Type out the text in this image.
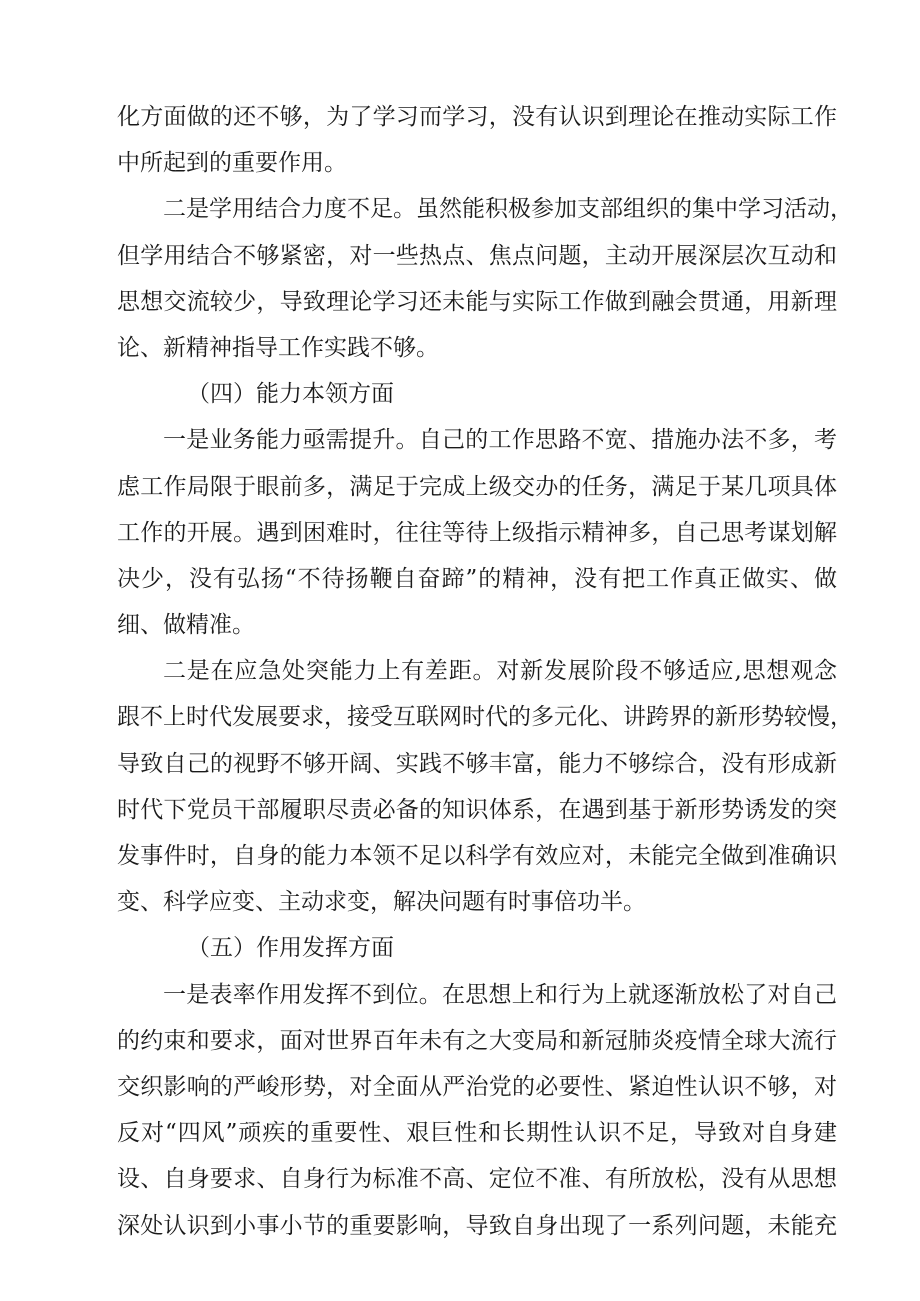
化方面做的还不够，为了学习而学习，没有认识到理论在推动实际工作
中所起到的重要作用。
二是学用结合力度不足。虽然能积极参加支部组织的集中学习活动，
但学用结合不够紧密，对一些热点、焦点问题，主动开展深层次互动和
思想交流较少，导致理论学习还未能与实际工作做到融会贯通，用新理
论、新精神指导工作实践不够。
（四）能力本领方面
一是业务能力亟需提升。自己的工作思路不宽、措施办法不多，考
虑工作局限于眼前多，满足于完成上级交办的任务，满足于某几项具体
工作的开展。遇到困难时，往往等待上级指示精神多，自己思考谋划解
决少，没有弘扬“不待扬鞭自奋蹄”的精神，没有把工作真正做实、做
细、做精准。
二是在应急处突能力上有差距。对新发展阶段不够适应,思想观念
跟不上时代发展要求，接受互联网时代的多元化、讲跨界的新形势较慢，
导致自己的视野不够开阔、实践不够丰富，能力不够综合，没有形成新
时代下党员干部履职尽责必备的知识体系，在遇到基于新形势诱发的突
发事件时，自身的能力本领不足以科学有效应对，未能完全做到准确识
变、科学应变、主动求变，解决问题有时事倍功半。
（五）作用发挥方面
一是表率作用发挥不到位。在思想上和行为上就逐渐放松了对自己
的约束和要求，面对世界百年未有之大变局和新冠肺炎疫情全球大流行
交织影响的严峻形势，对全面从严治党的必要性、紧迫性认识不够，对
反对“四风”顽疾的重要性、艰巨性和长期性认识不足，导致对自身建
设、自身要求、自身行为标准不高、定位不准、有所放松，没有从思想
深处认识到小事小节的重要影响，导致自身出现了一系列问题，未能充
